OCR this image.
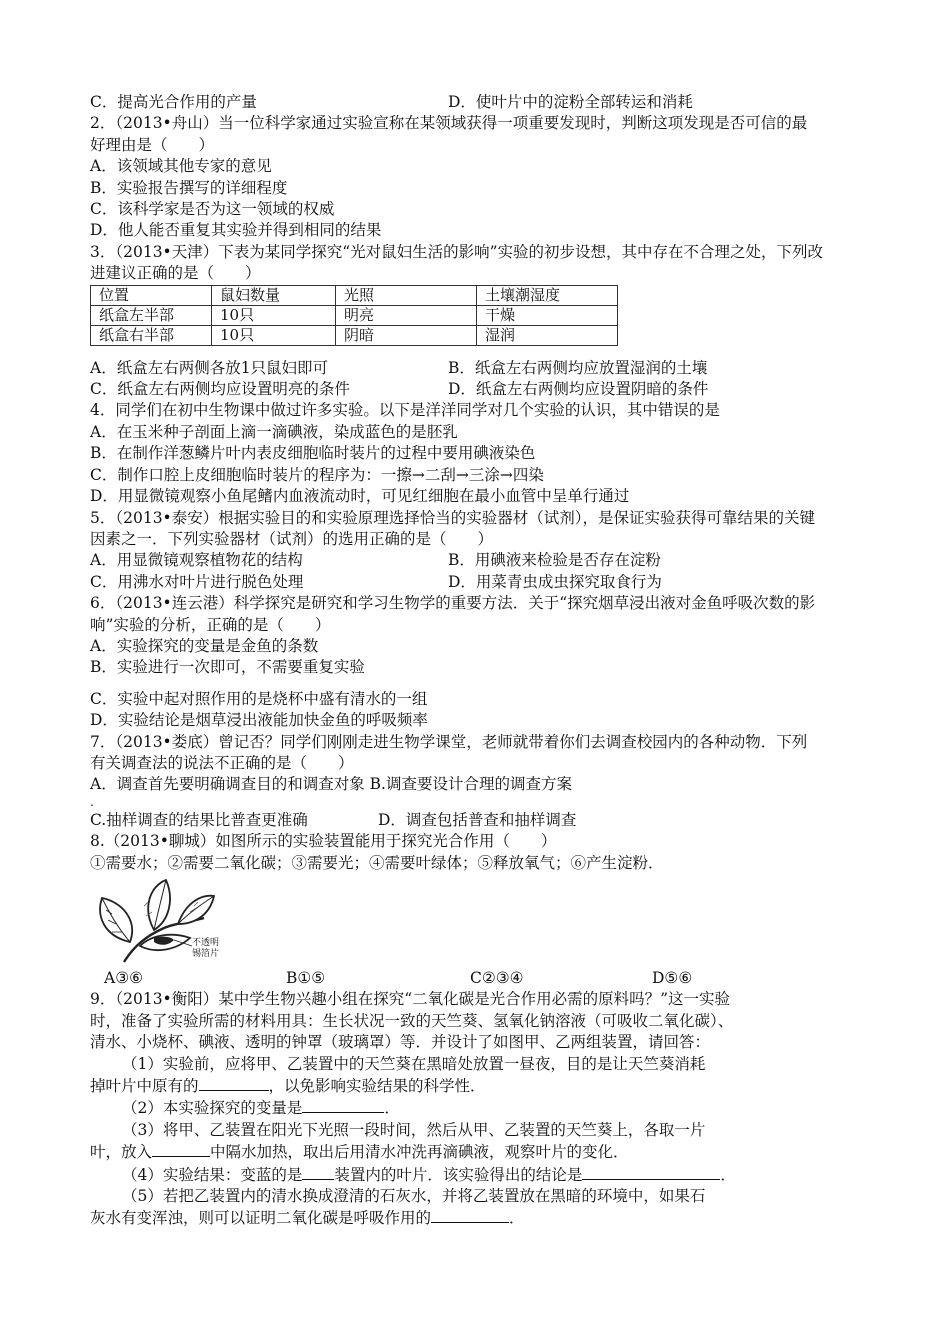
C．提高光合作用的产量	D．使叶片中的淀粉全部转运和消耗
2．（2013•舟山）当一位科学家通过实验宣称在某领域获得一项重要发现时，判断这项发现是否可信的最
好理由是（　　）
A．该领域其他专家的意见
B．实验报告撰写的详细程度
C．该科学家是否为这一领域的权威
D．他人能否重复其实验并得到相同的结果
3．（2013•天津）下表为某同学探究“光对鼠妇生活的影响”实验的初步设想，其中存在不合理之处，下列改
进建议正确的是（　　）
位置	鼠妇数量	光照	土壤潮湿度
纸盒左半部	10只	明亮	干燥
纸盒右半部	10只	阴暗	湿润
A．纸盒左右两侧各放1只鼠妇即可	B．纸盒左右两侧均应放置湿润的土壤
C．纸盒左右两侧均应设置明亮的条件	D．纸盒左右两侧均应设置阴暗的条件
4．同学们在初中生物课中做过许多实验。以下是洋洋同学对几个实验的认识，其中错误的是
A．在玉米种子剖面上滴一滴碘液，染成蓝色的是胚乳
B．在制作洋葱鳞片叶内表皮细胞临时装片的过程中要用碘液染色
C．制作口腔上皮细胞临时装片的程序为：一擦→二刮→三涂→四染
D．用显微镜观察小鱼尾鳍内血液流动时，可见红细胞在最小血管中呈单行通过
5．（2013•泰安）根据实验目的和实验原理选择恰当的实验器材（试剂），是保证实验获得可靠结果的关键
因素之一．下列实验器材（试剂）的选用正确的是（　　）
A．用显微镜观察植物花的结构	B．用碘液来检验是否存在淀粉
C．用沸水对叶片进行脱色处理	D．用菜青虫成虫探究取食行为
6．（2013•连云港）科学探究是研究和学习生物学的重要方法．关于“探究烟草浸出液对金鱼呼吸次数的影
响”实验的分析，正确的是（　　）
A．实验探究的变量是金鱼的条数
B．实验进行一次即可，不需要重复实验
C．实验中起对照作用的是烧杯中盛有清水的一组
D．实验结论是烟草浸出液能加快金鱼的呼吸频率
7．（2013•娄底）曾记否？同学们刚刚走进生物学课堂，老师就带着你们去调查校园内的各种动物．下列
有关调查法的说法不正确的是（　　）
A．调查首先要明确调查目的和调查对象 B.调查要设计合理的调查方案
.
C.抽样调查的结果比普查更准确	D．调查包括普查和抽样调查
8.（2013•聊城）如图所示的实验装置能用于探究光合作用（　　）
①需要水；②需要二氧化碳；③需要光；④需要叶绿体；⑤释放氧气；⑥产生淀粉．
不透明
锡箔片
A③⑥	B①⑤	C②③④	D⑤⑥
9．（2013•衡阳）某中学生物兴趣小组在探究“二氧化碳是光合作用必需的原料吗？”这一实验
时，准备了实验所需的材料用具：生长状况一致的天竺葵、氢氧化钠溶液（可吸收二氧化碳）、
清水、小烧杯、碘液、透明的钟罩（玻璃罩）等．并设计了如图甲、乙两组装置，请回答：
（1）实验前，应将甲、乙装置中的天竺葵在黑暗处放置一昼夜，目的是让天竺葵消耗
掉叶片中原有的	，以免影响实验结果的科学性．
（2）本实验探究的变量是	．
（3）将甲、乙装置在阳光下光照一段时间，然后从甲、乙装置的天竺葵上，各取一片
叶，放入	中隔水加热，取出后用清水冲洗再滴碘液，观察叶片的变化．
（4）实验结果：变蓝的是 装置内的叶片．该实验得出的结论是	．
（5）若把乙装置内的清水换成澄清的石灰水，并将乙装置放在黑暗的环境中，如果石
灰水有变浑浊，则可以证明二氧化碳是呼吸作用的	．
